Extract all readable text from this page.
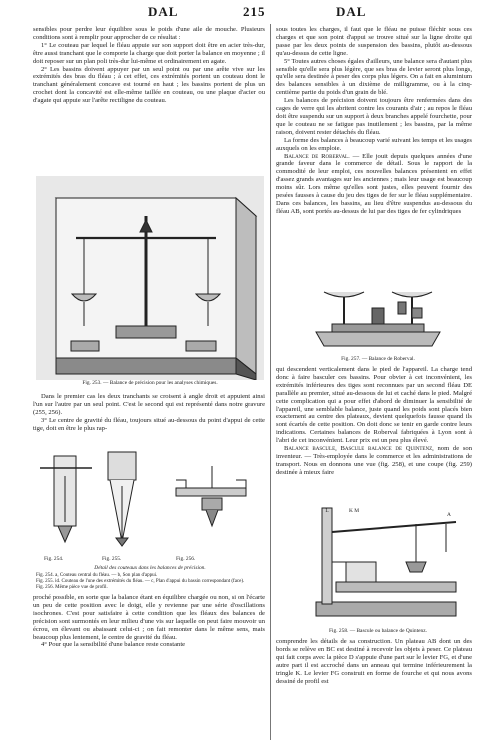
DAL	215	DAL

sensibles pour perdre leur équilibre sous le poids d'une aile de mouche. Plusieurs conditions sont à remplir pour approcher de ce résultat :

1° Le couteau par lequel le fléau appuie sur son support doit être en acier très-dur, être aussi tranchant que le comporte la charge que doit porter la balance en moyenne ; il doit reposer sur un plan poli très-dur lui-même et ordinairement en agate.

2° Les bassins doivent appuyer par un seul point ou par une arête vive sur les extrémités des bras du fléau ; à cet effet, ces extrémités portent un couteau dont le tranchant généralement concave est tourné en haut ; les bassins portent de plus un crochet dont la concavité est elle-même taillée en couteau, ou une plaque d'acier ou d'agate qui appuie sur l'arête rectiligne du couteau.

Fig. 253. — Balance de précision pour les analyses chimiques.

Dans le premier cas les deux tranchants se croisent à angle droit et appuient ainsi l'un sur l'autre par un seul point. C'est le second qui est représenté dans notre gravure (255, 256).

3° Le centre de gravité du fléau, toujours situé au-dessous du point d'appui de cette tige, doit en être le plus rap-

Fig. 254.	Fig. 255.	Fig. 256.
Détail des couteaux dans les balances de précision.
Fig. 254. a, Couteau central du fléau. — b, Son plan d'appui.
Fig. 255. id. Couteau de l'une des extrémités du fléau. — c, Plan d'appui du bassin correspondant (face).
Fig. 256. Même pièce vue de profil.

proché possible, en sorte que la balance étant en équilibre chargée ou non, si on l'écarte un peu de cette position avec le doigt, elle y revienne par une série d'oscillations isochrones. C'est pour satisfaire à cette condition que les fléaux des balances de précision sont surmontés en leur milieu d'une vis sur laquelle on peut faire mouvoir un écrou, en élevant ou abaissant celui-ci ; on fait remonter dans le même sens, mais beaucoup plus lentement, le centre de gravité du fléau.

4° Pour que la sensibilité d'une balance reste constante

sous toutes les charges, il faut que le fléau ne puisse fléchir sous ces charges et que son point d'appui se trouve situé sur la ligne droite qui passe par les deux points de suspension des bassins, plutôt au-dessous qu'au-dessus de cette ligne.

5° Toutes autres choses égales d'ailleurs, une balance sera d'autant plus sensible qu'elle sera plus légère, que ses bras de levier seront plus longs, qu'elle sera destinée à peser des corps plus légers. On a fait en aluminium des balances sensibles à un dixième de milligramme, ou à la cinq-centième partie du poids d'un grain de blé.

Les balances de précision doivent toujours être renfermées dans des cages de verre qui les abritent contre les courants d'air ; au repos le fléau doit être suspendu sur un support à deux branches appelé fourchette, pour que le couteau ne se fatigue pas inutilement ; les bassins, par la même raison, doivent rester détachés du fléau.

La forme des balances à beaucoup varié suivant les temps et les usages auxquels on les emploie.

Balance de Roberval. — Elle jouit depuis quelques années d'une grande faveur dans le commerce de détail. Sous le rapport de la commodité de leur emploi, ces nouvelles balances présentent en effet d'assez grands avantages sur les anciennes ; mais leur usage est beaucoup moins sûr. Lors même qu'elles sont justes, elles peuvent fournir des pesées fausses à cause du jeu des tiges de fer sur le fléau supplémentaire. Dans ces balances, les bassins, au lieu d'être suspendus au-dessous du fléau AB, sont portés au-dessus de lui par des tiges de fer cylindriques

Fig. 257. — Balance de Roberval.

qui descendent verticalement dans le pied de l'appareil. La charge tend donc à faire basculer ces bassins. Pour obvier à cet inconvénient, les extrémités inférieures des tiges sont reconnues par un second fléau DE parallèle au premier, situé au-dessous de lui et caché dans le pied. Malgré cette complication qui a pour effet d'abord de diminuer la sensibilité de l'appareil, une semblable balance, juste quand les poids sont placés bien exactement au centre des plateaux, devient quelquefois fausse quand ils sont écartés de cette position. On doit donc se tenir en garde contre leurs indications. Certaines balances de Roberval fabriquées à Lyon sont à l'abri de cet inconvénient. Leur prix est un peu plus élevé.

Balance bascule, Bascule balance de Quintenz, nom de son inventeur. — Très-employée dans le commerce et les administrations de transport. Nous en donnons une vue (fig. 258), et une coupe (fig. 259) destinée à mieux faire

L	K M
A
Fig. 258. — Bascule ou balance de Quintenz.

comprendre les détails de sa construction. Un plateau AB dont un des bords se relève en BC est destiné à recevoir les objets à peser. Ce plateau qui fait corps avec la pièce D s'appuie d'une part sur le levier FG, et d'une autre part il est accroché dans un anneau qui termine inférieurement la tringle K. Le levier FG construit en forme de fourche et qui nous avons dessiné de profil est
